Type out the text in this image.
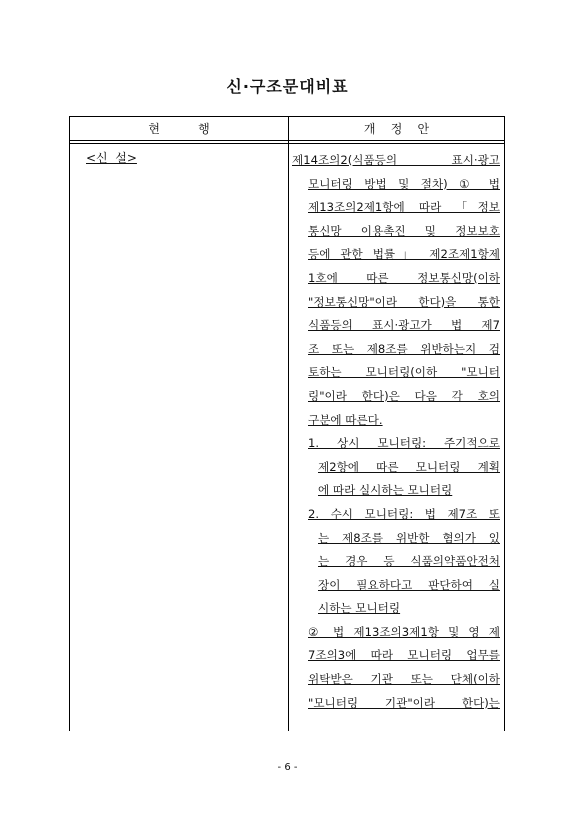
신·구조문대비표
현          행	개    정    안
<신  설>	제14조의2(식품등의  표시·광고
모니터링 방법 및 절차) ① 법
제13조의2제1항에 따라 「정보
통신망 이용촉진 및 정보보호
등에 관한 법률」 제2조제1항제
1호에  따른  정보통신망(이하
"정보통신망"이라 한다)을 통한
식품등의 표시·광고가 법 제7
조 또는 제8조를 위반하는지 검
토하는 모니터링(이하 "모니터
링"이라 한다)은 다음 각 호의
구분에 따른다.
1. 상시 모니터링: 주기적으로
제2항에 따른 모니터링 계획
에 따라 실시하는 모니터링
2. 수시 모니터링: 법 제7조 또
는 제8조를 위반한 혐의가 있
는 경우 등 식품의약품안전처
장이 필요하다고 판단하여 실
시하는 모니터링
② 법 제13조의3제1항 및 영 제
7조의3에 따라 모니터링 업무를
위탁받은 기관 또는 단체(이하
"모니터링 기관"이라 한다)는
- 6 -
